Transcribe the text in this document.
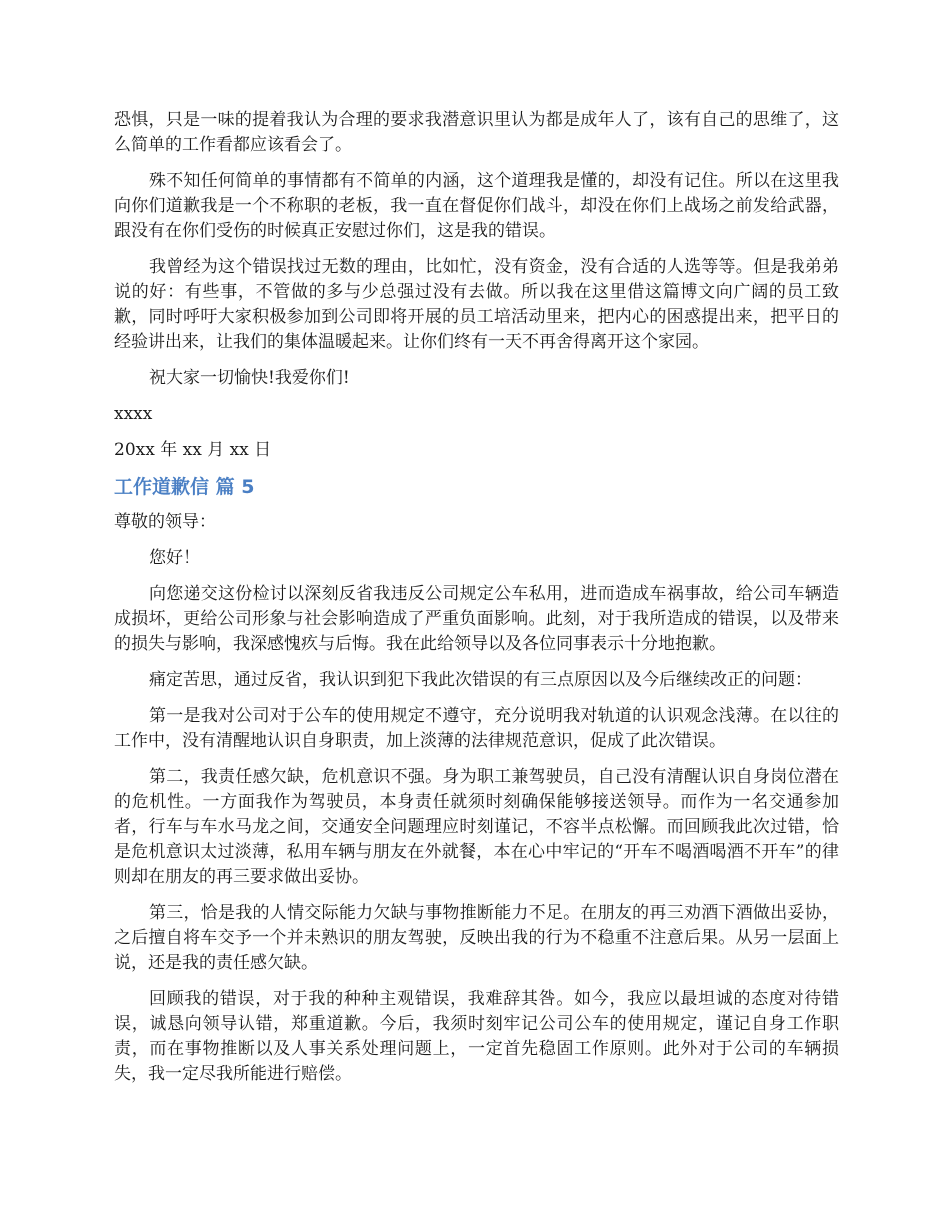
恐惧，只是一味的提着我认为合理的要求我潜意识里认为都是成年人了，该有自己的思维了，这么简单的工作看都应该看会了。

殊不知任何简单的事情都有不简单的内涵，这个道理我是懂的，却没有记住。所以在这里我向你们道歉我是一个不称职的老板，我一直在督促你们战斗，却没在你们上战场之前发给武器，跟没有在你们受伤的时候真正安慰过你们，这是我的错误。

我曾经为这个错误找过无数的理由，比如忙，没有资金，没有合适的人选等等。但是我弟弟说的好：有些事，不管做的多与少总强过没有去做。所以我在这里借这篇博文向广阔的员工致歉，同时呼吁大家积极参加到公司即将开展的员工培活动里来，把内心的困惑提出来，把平日的经验讲出来，让我们的集体温暖起来。让你们终有一天不再舍得离开这个家园。

祝大家一切愉快!我爱你们!

xxxx

20xx 年 xx 月 xx 日

工作道歉信 篇 5

尊敬的领导：

您好！

向您递交这份检讨以深刻反省我违反公司规定公车私用，进而造成车祸事故，给公司车辆造成损坏，更给公司形象与社会影响造成了严重负面影响。此刻，对于我所造成的错误，以及带来的损失与影响，我深感愧疚与后悔。我在此给领导以及各位同事表示十分地抱歉。

痛定苦思，通过反省，我认识到犯下我此次错误的有三点原因以及今后继续改正的问题：

第一是我对公司对于公车的使用规定不遵守，充分说明我对轨道的认识观念浅薄。在以往的工作中，没有清醒地认识自身职责，加上淡薄的法律规范意识，促成了此次错误。

第二，我责任感欠缺，危机意识不强。身为职工兼驾驶员，自己没有清醒认识自身岗位潜在的危机性。一方面我作为驾驶员，本身责任就须时刻确保能够接送领导。而作为一名交通参加者，行车与车水马龙之间，交通安全问题理应时刻谨记，不容半点松懈。而回顾我此次过错，恰是危机意识太过淡薄，私用车辆与朋友在外就餐，本在心中牢记的“开车不喝酒喝酒不开车”的律则却在朋友的再三要求做出妥协。

第三，恰是我的人情交际能力欠缺与事物推断能力不足。在朋友的再三劝酒下酒做出妥协，之后擅自将车交予一个并未熟识的朋友驾驶，反映出我的行为不稳重不注意后果。从另一层面上说，还是我的责任感欠缺。

回顾我的错误，对于我的种种主观错误，我难辞其咎。如今，我应以最坦诚的态度对待错误，诚恳向领导认错，郑重道歉。今后，我须时刻牢记公司公车的使用规定，谨记自身工作职责，而在事物推断以及人事关系处理问题上，一定首先稳固工作原则。此外对于公司的车辆损失，我一定尽我所能进行赔偿。
